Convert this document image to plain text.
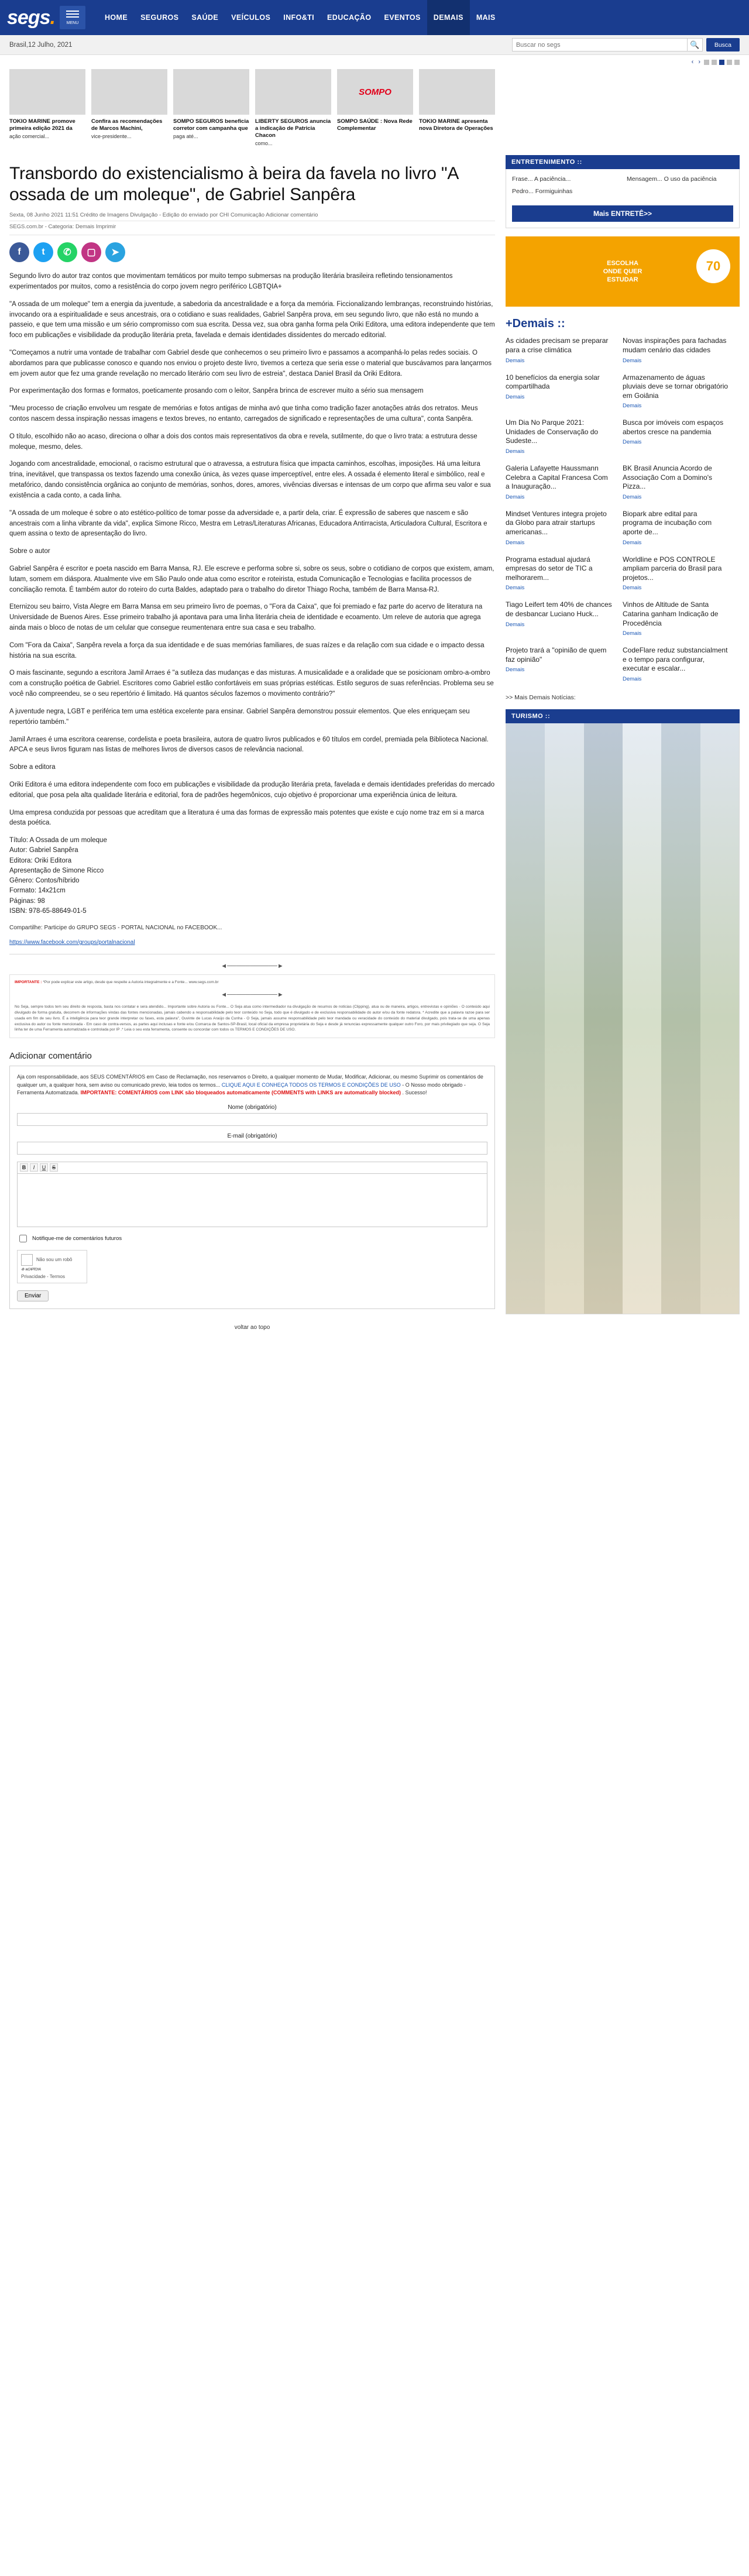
segs.	MENU
HOME	SEGUROS	SAÚDE	VEÍCULOS	INFO&TI	EDUCAÇÃO	EVENTOS	DEMAIS	MAIS
Brasil,12 Julho, 2021
Buscar no segs	🔍	Busca
‹ ›
TOKIO MARINE promove primeira edição 2021 da
ação comercial...
Confira as recomendações de Marcos Machiní,
vice-presidente...
SOMPO SEGUROS beneficia corretor com campanha que
paga até...
LIBERTY SEGUROS anuncia a indicação de Patricia Chacon
como...
SOMPO
SOMPO SAÚDE : Nova Rede Complementar
TOKIO MARINE apresenta nova Diretora de Operações
Transbordo do existencialismo à beira da favela no livro "A ossada de um moleque", de Gabriel Sanpêra
Sexta, 08 Junho 2021 11:51 Crédito de Imagens Divulgação - Edição do enviado por CHI Comunicação Adicionar comentário
SEGS.com.br - Categoria: Demais Imprimir
f	t	✆	▢	➤

Segundo livro do autor traz contos que movimentam temáticos por muito tempo submersas na produção literária brasileira refletindo tensionamentos experimentados por muitos, como a resistência do corpo jovem negro periférico LGBTQIA+

"A ossada de um moleque" tem a energia da juventude, a sabedoria da ancestralidade e a força da memória. Ficcionalizando lembranças, reconstruindo histórias, invocando ora a espiritualidade e seus ancestrais, ora o cotidiano e suas realidades, Gabriel Sanpêra prova, em seu segundo livro, que não está no mundo a passeio, e que tem uma missão e um sério compromisso com sua escrita. Dessa vez, sua obra ganha forma pela Oriki Editora, uma editora independente que tem foco em publicações e visibilidade da produção literária preta, favelada e demais identidades dissidentes do mercado editorial.

"Começamos a nutrir uma vontade de trabalhar com Gabriel desde que conhecemos o seu primeiro livro e passamos a acompanhá-lo pelas redes sociais. O abordamos para que publicasse conosco e quando nos enviou o projeto deste livro, tivemos a certeza que seria esse o material que buscávamos para lançarmos em jovem autor que fez uma grande revelação no mercado literário com seu livro de estreia", destaca Daniel Brasil da Oriki Editora.

Por experimentação dos formas e formatos, poeticamente prosando com o leitor, Sanpêra brinca de escrever muito a sério sua mensagem

"Meu processo de criação envolveu um resgate de memórias e fotos antigas de minha avó que tinha como tradição fazer anotações atrás dos retratos. Meus contos nascem dessa inspiração nessas imagens e textos breves, no entanto, carregados de significado e representações de uma cultura", conta Sanpêra.

O título, escolhido não ao acaso, direciona o olhar a dois dos contos mais representativos da obra e revela, sutilmente, do que o livro trata: a estrutura desse moleque, mesmo, deles.

Jogando com ancestralidade, emocional, o racismo estrutural que o atravessa, a estrutura física que impacta caminhos, escolhas, imposições. Há uma leitura trina, inevitável, que transpassa os textos fazendo uma conexão única, às vezes quase imperceptível, entre eles. A ossada é elemento literal e simbólico, real e metafórico, dando consistência orgânica ao conjunto de memórias, sonhos, dores, amores, vivências diversas e intensas de um corpo que afirma seu valor e sua existência a cada conto, a cada linha.

"A ossada de um moleque é sobre o ato estético-político de tomar posse da adversidade e, a partir dela, criar. É expressão de saberes que nascem e são ancestrais com a linha vibrante da vida", explica Simone Ricco, Mestra em Letras/Literaturas Africanas, Educadora Antirracista, Articuladora Cultural, Escritora e quem assina o texto de apresentação do livro.

Sobre o autor

Gabriel Sanpêra é escritor e poeta nascido em Barra Mansa, RJ. Ele escreve e performa sobre si, sobre os seus, sobre o cotidiano de corpos que existem, amam, lutam, somem em diáspora. Atualmente vive em São Paulo onde atua como escritor e roteirista, estuda Comunicação e Tecnologias e facilita processos de conciliação remota. É também autor do roteiro do curta Baldes, adaptado para o trabalho do diretor Thiago Rocha, também de Barra Mansa-RJ.

Eternizou seu bairro, Vista Alegre em Barra Mansa em seu primeiro livro de poemas, o "Fora da Caixa", que foi premiado e faz parte do acervo de literatura na Universidade de Buenos Aires. Esse primeiro trabalho já apontava para uma linha literária cheia de identidade e ecoamento. Um releve de autoria que agrega ainda mais o bloco de notas de um celular que consegue reumentenara entre sua casa e seu trabalho.

Com "Fora da Caixa", Sanpêra revela a força da sua identidade e de suas memórias familiares, de suas raízes e da relação com sua cidade e o impacto dessa história na sua escrita.

O mais fascinante, segundo a escritora Jamil Arraes é "a sutileza das mudanças e das misturas. A musicalidade e a oralidade que se posicionam ombro-a-ombro com a construção poética de Gabriel. Escritores como Gabriel estão confortáveis em suas próprias estéticas. Estilo seguros de suas referências. Problema seu se você não compreendeu, se o seu repertório é limitado. Há quantos séculos fazemos o movimento contrário?"

A juventude negra, LGBT e periférica tem uma estética excelente para ensinar. Gabriel Sanpêra demonstrou possuir elementos. Que eles enriqueçam seu repertório também."

Jamil Arraes é uma escritora cearense, cordelista e poeta brasileira, autora de quatro livros publicados e 60 títulos em cordel, premiada pela Biblioteca Nacional. APCA e seus livros figuram nas listas de melhores livros de diversos casos de relevância nacional.

Sobre a editora

Oriki Editora é uma editora independente com foco em publicações e visibilidade da produção literária preta, favelada e demais identidades preferidas do mercado editorial, que posa pela alta qualidade literária e editorial, fora de padrões hegemônicos, cujo objetivo é proporcionar uma experiência única de leitura.

Uma empresa conduzida por pessoas que acreditam que a literatura é uma das formas de expressão mais potentes que existe e cujo nome traz em si a marca desta poética.

Título: A Ossada de um moleque

Autor: Gabriel Sanpêra

Editora: Oriki Editora

Apresentação de Simone Ricco

Gênero: Contos/híbrido

Formato: 14x21cm

Páginas: 98

ISBN: 978-65-88649-01-5

Compartilhe: Participe do GRUPO SEGS - PORTAL NACIONAL no FACEBOOK...
https://www.facebook.com/groups/portalnacional
◄───────────►
IMPORTANTE : *Por pode explicar este artigo, desde que respeite a Autoria integralmente e a Fonte... www.segs.com.br
◄───────────►
No Seja, sempre todos tem seu direito de resposta, basta nos contatar e sera atendido... Importante sobre Autoria ou Fonte... O Seja atua como intermediador na divulgação de resumos de noticias (Clipping), atua ou de maneira, artigos, entrevistas e opiniões - O conteúdo aqui divulgado de forma gratuita, decorrem de informações vindas das fontes mencionadas, jamais cabendo a responsabilidade pelo teor conteúdo no Seja, todo que é divulgado e de exclusiva responsabilidade do autor e/ou da fonte redatora. * Acredite que a palavra razoe para ser usada em fim de seu livro. É a inteligência para teor grande interpretar ou fases, esta palavra", Ouvinte de Lucas Araújo da Cunha - O Seja, jamais assume responsabilidade pelo teor mandada ou veracidade do conteúdo do material divulgado, pois trata-se de uma apenas exclusiva do autor ou fonte mencionada - Em caso de contra-versos, as partes aqui inclusas e fonte e/ou Comarca de Santos-SP-Brasil, local oficial da empresa proprietária do Seja e desde já renuncias expressamente qualquer outro Foro, por mais privilegiado que seja. O Seja linha ter de uma Ferramenta automatizada e controlada por IP .* Leia o seu esta ferramenta, consente ou concordar com todos os TERMOS E CONDIÇÕES DE USO.
Adicionar comentário
Aja com responsabilidade, aos SEUS COMENTÁRIOS em Caso de Reclamação, nos reservamos o Direito, a qualquer momento de Mudar, Modificar, Adicionar, ou mesmo Suprimir os comentários de qualquer um, a qualquer hora, sem aviso ou comunicado previo, leia todos os termos... CLIQUE AQUI E CONHEÇA TODOS OS TERMOS E CONDIÇÕES DE USO - O Nosso modo obrigado - Ferramenta Automatizada. IMPORTANTE: COMENTÁRIOS com LINK são bloqueados automaticamente (COMMENTS with LINKS are automatically blocked) . Sucesso!
Nome (obrigatório)
E-mail (obrigatório)
B	I	U	S
Notifique-me de comentários futuros
Não sou um robô
♻ reCAPTCHA
Privacidade - Termos
Enviar
voltar ao topo
ENTRETENIMENTO ::
Frase... A paciência...
Pedro... Formiguinhas
Mensagem... O uso da paciência
Mais ENTRETÊ>>
ESCOLHA
ONDE QUER
ESTUDAR
70
+Demais ::
As cidades precisam se preparar para a crise climática
Demais
Novas inspirações para fachadas mudam cenário das cidades
Demais
10 benefícios da energia solar compartilhada
Demais
Armazenamento de águas pluviais deve se tornar obrigatório em Goiânia
Demais
Um Dia No Parque 2021: Unidades de Conservação do Sudeste...
Demais
Busca por imóveis com espaços abertos cresce na pandemia
Demais
Galeria Lafayette Haussmann Celebra a Capital Francesa Com a Inauguração...
Demais
BK Brasil Anuncia Acordo de Associação Com a Domino's Pizza...
Demais
Mindset Ventures integra projeto da Globo para atrair startups americanas...
Demais
Biopark abre edital para programa de incubação com aporte de...
Demais
Programa estadual ajudará empresas do setor de TIC a melhorarem...
Demais
Worldline e POS CONTROLE ampliam parceria do Brasil para projetos...
Demais
Tiago Leifert tem 40% de chances de desbancar Luciano Huck...
Demais
Vinhos de Altitude de Santa Catarina ganham Indicação de Procedência
Demais
Projeto trará a "opinião de quem faz opinião"
Demais
CodeFlare reduz substancialment e o tempo para configurar, executar e escalar...
Demais
>> Mais Demais Notícias:
TURISMO ::
